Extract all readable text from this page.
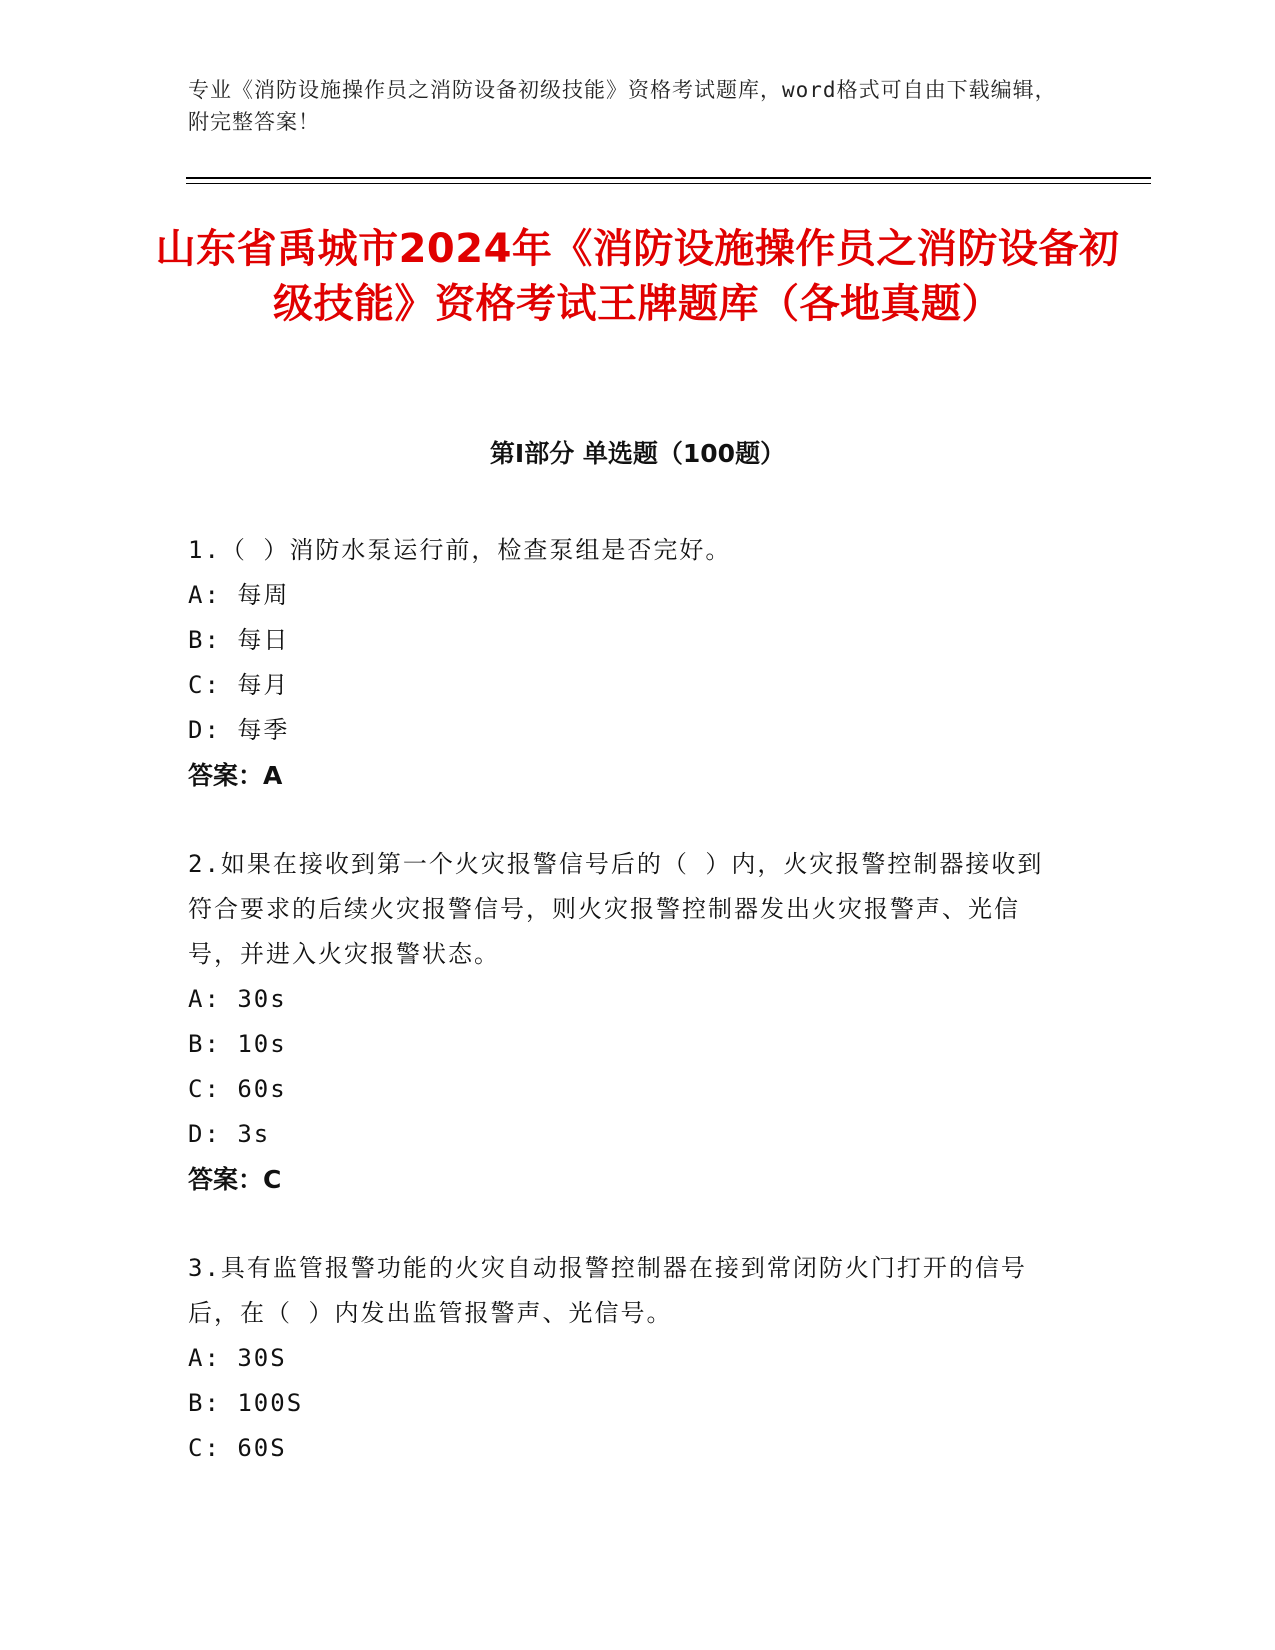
专业《消防设施操作员之消防设备初级技能》资格考试题库，word格式可自由下载编辑，附完整答案！
山东省禹城市2024年《消防设施操作员之消防设备初级技能》资格考试王牌题库（各地真题）
第I部分 单选题（100题）

1.（ ）消防水泵运行前，检查泵组是否完好。

A: 每周

B: 每日

C: 每月

D: 每季

答案：A

2.如果在接收到第一个火灾报警信号后的（ ）内，火灾报警控制器接收到符合要求的后续火灾报警信号，则火灾报警控制器发出火灾报警声、光信号，并进入火灾报警状态。

A: 30s

B: 10s

C: 60s

D: 3s

答案：C

3.具有监管报警功能的火灾自动报警控制器在接到常闭防火门打开的信号后，在（ ）内发出监管报警声、光信号。

A: 30S

B: 100S

C: 60S
